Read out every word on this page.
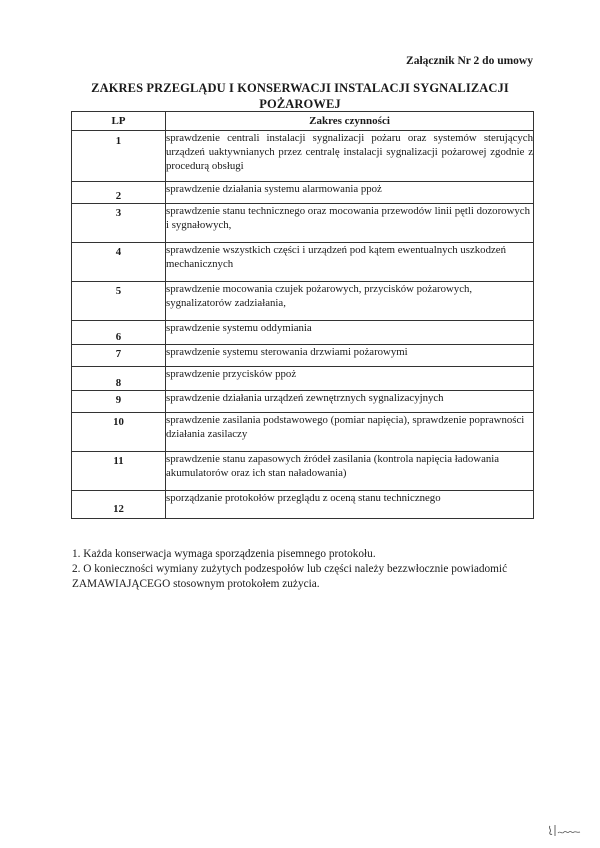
Załącznik Nr 2 do umowy
ZAKRES PRZEGLĄDU I KONSERWACJI INSTALACJI SYGNALIZACJI
POŻAROWEJ
LP	Zakres czynności
1	sprawdzenie centrali instalacji sygnalizacji pożaru oraz systemów sterujących urządzeń uaktywnianych przez centralę instalacji sygnalizacji pożarowej zgodnie z procedurą obsługi
2	sprawdzenie działania systemu alarmowania ppoż
3	sprawdzenie stanu technicznego oraz mocowania przewodów linii pętli dozorowych i sygnałowych,
4	sprawdzenie wszystkich części i urządzeń pod kątem ewentualnych uszkodzeń mechanicznych
5	sprawdzenie mocowania czujek pożarowych, przycisków pożarowych, sygnalizatorów zadziałania,
6	sprawdzenie systemu oddymiania
7	sprawdzenie systemu sterowania drzwiami pożarowymi
8	sprawdzenie przycisków ppoż
9	sprawdzenie działania urządzeń zewnętrznych sygnalizacyjnych
10	sprawdzenie zasilania podstawowego (pomiar napięcia), sprawdzenie poprawności działania zasilaczy
11	sprawdzenie stanu zapasowych źródeł zasilania (kontrola napięcia ładowania akumulatorów oraz ich stan naładowania)
12	sporządzanie protokołów przeglądu z oceną stanu technicznego
1. Każda konserwacja wymaga sporządzenia pisemnego protokołu.
2. O konieczności wymiany zużytych podzespołów lub części należy bezzwłocznie powiadomić ZAMAWIAJĄCEGO stosownym protokołem zużycia.
